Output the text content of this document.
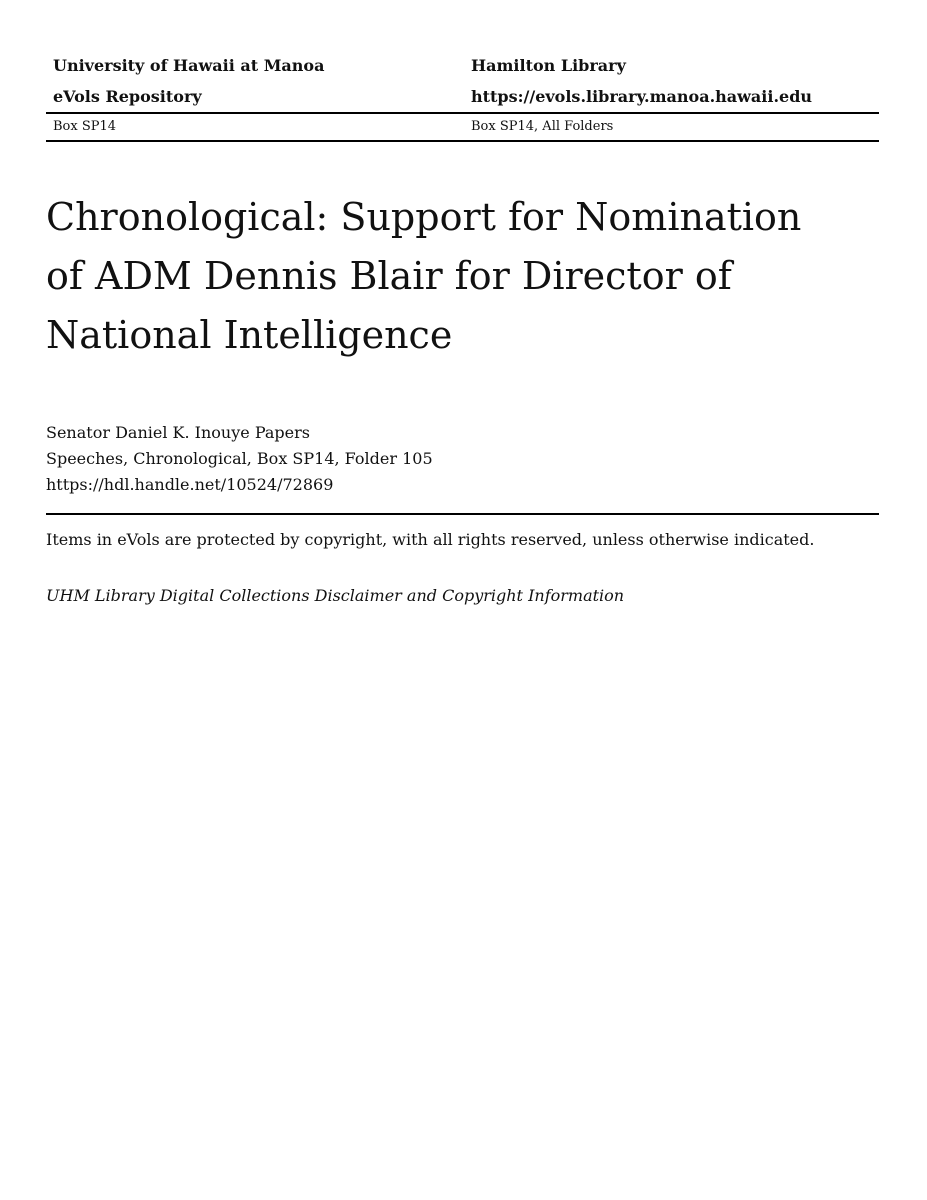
University of Hawaii at Manoa	Hamilton Library
eVols Repository	https://evols.library.manoa.hawaii.edu
Box SP14	Box SP14, All Folders
Chronological: Support for Nomination of ADM Dennis Blair for Director of National Intelligence
Senator Daniel K. Inouye Papers
Speeches, Chronological, Box SP14, Folder 105
https://hdl.handle.net/10524/72869
Items in eVols are protected by copyright, with all rights reserved, unless otherwise indicated.
UHM Library Digital Collections Disclaimer and Copyright Information
